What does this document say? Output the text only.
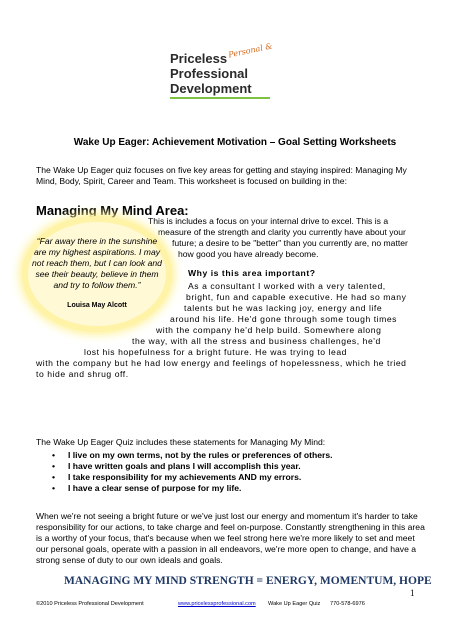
Priceless Personal &
Professional
Development
Wake Up Eager: Achievement Motivation – Goal Setting Worksheets
The Wake Up Eager quiz focuses on five key areas for getting and staying inspired: Managing My Mind, Body, Spirit, Career and Team. This worksheet is focused on building in the:
Managing My Mind Area:
This is includes a focus on your internal drive to excel. This is a
measure of the strength and clarity you currently have about your
future; a desire to be "better" than you currently are, no matter
how good you have already become.
“Far away there in the sunshine are my highest aspirations. I may not reach them, but I can look and see their beauty, believe in them and try to follow them.”
Louisa May Alcott
Why is this area important?
As a consultant I worked with a very talented,
bright, fun and capable executive. He had so many
talents but he was lacking joy, energy and life
around his life. He'd gone through some tough times
with the company he'd help build. Somewhere along
the way, with all the stress and business challenges, he'd
lost his hopefulness for a bright future. He was trying to lead
with the company but he had low energy and feelings of hopelessness, which he tried
to hide and shrug off.
The Wake Up Eager Quiz includes these statements for Managing My Mind:
• I live on my own terms, not by the rules or preferences of others.
• I have written goals and plans I will accomplish this year.
• I take responsibility for my achievements AND my errors.
• I have a clear sense of purpose for my life.
When we're not seeing a bright future or we've just lost our energy and momentum it's harder to take responsibility for our actions, to take charge and feel on-purpose. Constantly strengthening in this area is a worthy of your focus, that's because when we feel strong here we're more likely to set and meet our personal goals, operate with a passion in all endeavors, we're more open to change, and have a strong sense of duty to our own ideals and goals.
MANAGING MY MIND STRENGTH = ENERGY, MOMENTUM, HOPE
1
©2010 Priceless Professional Development	www.pricelessprofessional.com Wake Up Eager Quiz 770-578-6976
